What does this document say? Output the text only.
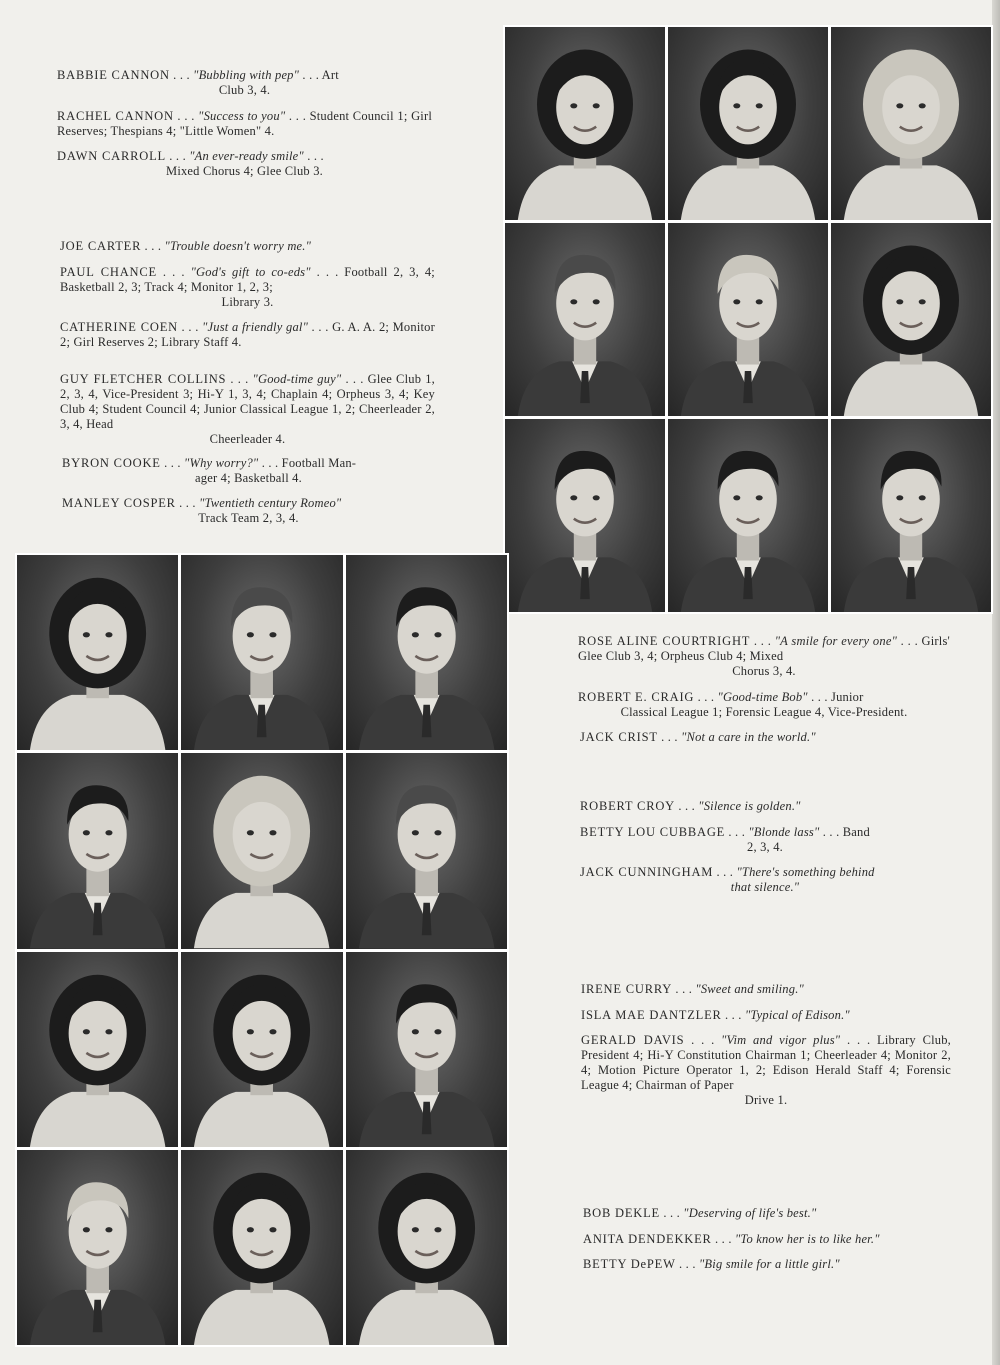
BABBIE CANNON . . . "Bubbling with pep" . . . Art
Club 3, 4.
RACHEL CANNON . . . "Success to you" . . . Student Council 1; Girl Reserves; Thespians 4; "Little Women" 4.
DAWN CARROLL . . . "An ever-ready smile" . . .
Mixed Chorus 4; Glee Club 3.
JOE CARTER . . . "Trouble doesn't worry me."
PAUL CHANCE . . . "God's gift to co-eds" . . . Football 2, 3, 4; Basketball 2, 3; Track 4; Monitor 1, 2, 3;
Library 3.
CATHERINE COEN . . . "Just a friendly gal" . . . G. A. A. 2; Monitor 2; Girl Reserves 2; Library Staff 4.
GUY FLETCHER COLLINS . . . "Good-time guy" . . . Glee Club 1, 2, 3, 4, Vice-President 3; Hi-Y 1, 3, 4; Chaplain 4; Orpheus 3, 4; Key Club 4; Student Council 4; Junior Classical League 1, 2; Cheerleader 2, 3, 4, Head
Cheerleader 4.
BYRON COOKE . . . "Why worry?" . . . Football Man-
ager 4; Basketball 4.
MANLEY COSPER . . . "Twentieth century Romeo"
Track Team 2, 3, 4.
ROSE ALINE COURTRIGHT . . . "A smile for every one" . . . Girls' Glee Club 3, 4; Orpheus Club 4; Mixed
Chorus 3, 4.
ROBERT E. CRAIG . . . "Good-time Bob" . . . Junior
Classical League 1; Forensic League 4, Vice-President.
JACK CRIST . . . "Not a care in the world."
ROBERT CROY . . . "Silence is golden."
BETTY LOU CUBBAGE . . . "Blonde lass" . . . Band
2, 3, 4.
JACK CUNNINGHAM . . . "There's something behind
that silence."
IRENE CURRY . . . "Sweet and smiling."
ISLA MAE DANTZLER . . . "Typical of Edison."
GERALD DAVIS . . . "Vim and vigor plus" . . . Library Club, President 4; Hi-Y Constitution Chairman 1; Cheerleader 4; Monitor 2, 4; Motion Picture Operator 1, 2; Edison Herald Staff 4; Forensic League 4; Chairman of Paper
Drive 1.
BOB DEKLE . . . "Deserving of life's best."
ANITA DENDEKKER . . . "To know her is to like her."
BETTY DePEW . . . "Big smile for a little girl."
